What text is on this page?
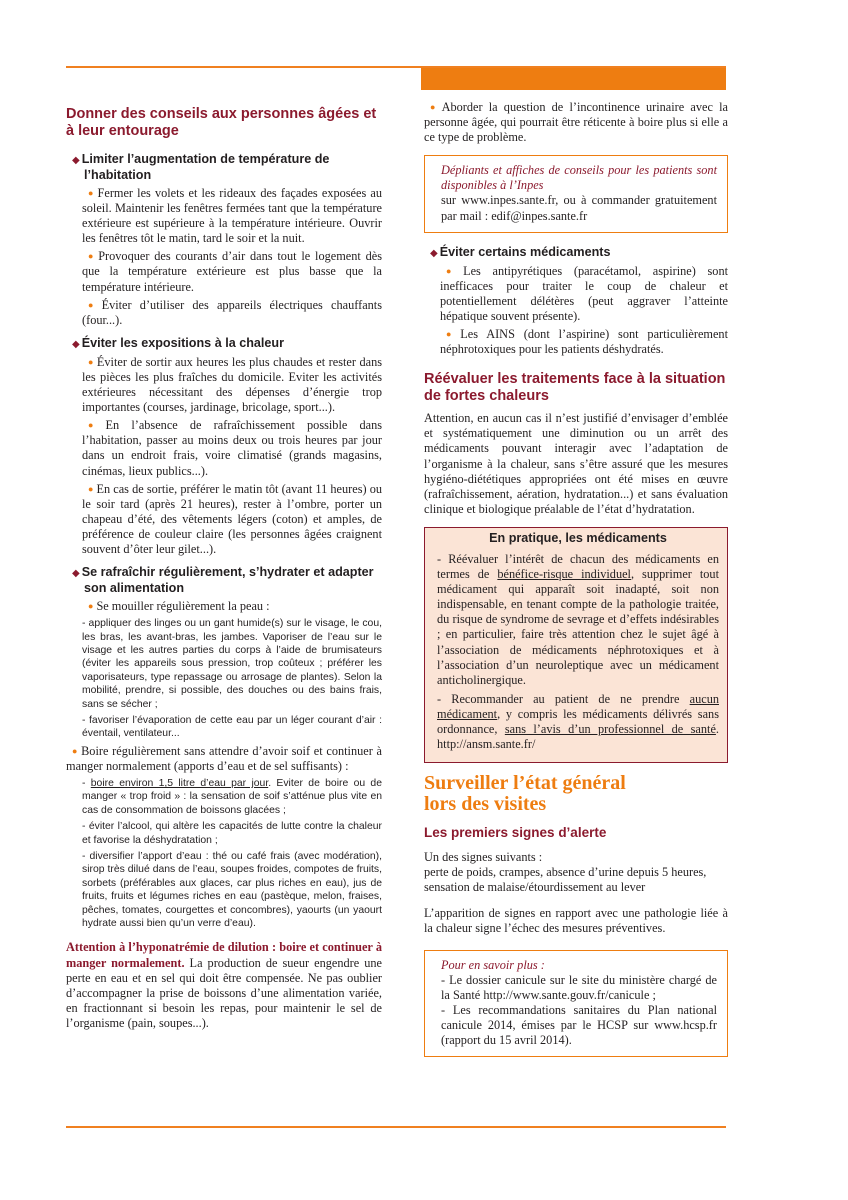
Donner des conseils aux personnes âgées et à leur entourage
◆ Limiter l’augmentation de température de l’habitation

● Fermer les volets et les rideaux des façades exposées au soleil. Maintenir les fenêtres fermées tant que la température extérieure est supérieure à la température intérieure. Ouvrir les fenêtres tôt le matin, tard le soir et la nuit.

● Provoquer des courants d’air dans tout le logement dès que la température extérieure est plus basse que la température intérieure.

● Éviter d’utiliser des appareils électriques chauffants (four...).

◆ Éviter les expositions à la chaleur

● Éviter de sortir aux heures les plus chaudes et rester dans les pièces les plus fraîches du domicile. Eviter les activités extérieures nécessitant des dépenses d’énergie trop importantes (courses, jardinage, bricolage, sport...).

● En l’absence de rafraîchissement possible dans l’habitation, passer au moins deux ou trois heures par jour dans un endroit frais, voire climatisé (grands magasins, cinémas, lieux publics...).

● En cas de sortie, préférer le matin tôt (avant 11 heures) ou le soir tard (après 21 heures), rester à l’ombre, porter un chapeau d’été, des vêtements légers (coton) et amples, de préférence de couleur claire (les personnes âgées craignent souvent d’ôter leur gilet...).

◆ Se rafraîchir régulièrement, s’hydrater et adapter son alimentation

● Se mouiller régulièrement la peau :

- appliquer des linges ou un gant humide(s) sur le visage, le cou, les bras, les avant-bras, les jambes. Vaporiser de l’eau sur le visage et les autres parties du corps à l’aide de brumisateurs (éviter les appareils sous pression, trop coûteux ; préférer les vaporisateurs, type repassage ou arrosage de plantes). Selon la mobilité, prendre, si possible, des douches ou des bains frais, sans se sécher ;

- favoriser l’évaporation de cette eau par un léger courant d’air : éventail, ventilateur...

● Boire régulièrement sans attendre d’avoir soif et continuer à manger normalement (apports d’eau et de sel suffisants) :

- boire environ 1,5 litre d’eau par jour. Eviter de boire ou de manger « trop froid » : la sensation de soif s’atténue plus vite en cas de consommation de boissons glacées ;

- éviter l’alcool, qui altère les capacités de lutte contre la chaleur et favorise la déshydratation ;

- diversifier l’apport d’eau : thé ou café frais (avec modération), sirop très dilué dans de l’eau, soupes froides, compotes de fruits, sorbets (préférables aux glaces, car plus riches en eau), jus de fruits, fruits et légumes riches en eau (pastèque, melon, fraises, pêches, tomates, courgettes et concombres), yaourts (un yaourt hydrate aussi bien qu’un verre d’eau).

Attention à l’hyponatrémie de dilution : boire et continuer à manger normalement. La production de sueur engendre une perte en eau et en sel qui doit être compensée. Ne pas oublier d’accompagner la prise de boissons d’une alimentation variée, en fractionnant si besoin les repas, pour maintenir le sel de l’organisme (pain, soupes...).

● Aborder la question de l’incontinence urinaire avec la personne âgée, qui pourrait être réticente à boire plus si elle a ce type de problème.

Dépliants et affiches de conseils pour les patients sont disponibles à l’Inpes
sur www.inpes.sante.fr, ou à commander gratuitement par mail : edif@inpes.sante.fr
◆ Éviter certains médicaments

● Les antipyrétiques (paracétamol, aspirine) sont inefficaces pour traiter le coup de chaleur et potentiellement délétères (peut aggraver l’atteinte hépatique souvent présente).

● Les AINS (dont l’aspirine) sont particulièrement néphrotoxiques pour les patients déshydratés.

Réévaluer les traitements face à la situation de fortes chaleurs

Attention, en aucun cas il n’est justifié d’envisager d’emblée et systématiquement une diminution ou un arrêt des médicaments pouvant interagir avec l’adaptation de l’organisme à la chaleur, sans s’être assuré que les mesures hygiéno-diététiques appropriées ont été mises en œuvre (rafraîchissement, aération, hydratation...) et sans évaluation clinique et biologique préalable de l’état d’hydratation.

En pratique, les médicaments

- Réévaluer l’intérêt de chacun des médicaments en termes de bénéfice-risque individuel, supprimer tout médicament qui apparaît soit inadapté, soit non indispensable, en tenant compte de la pathologie traitée, du risque de syndrome de sevrage et d’effets indésirables ; en particulier, faire très attention chez le sujet âgé à l’association de médicaments néphrotoxiques et à l’association d’un neuroleptique avec un médicament anticholinergique.

- Recommander au patient de ne prendre aucun médicament, y compris les médicaments délivrés sans ordonnance, sans l’avis d’un professionnel de santé. http://ansm.sante.fr/

Surveiller l’état général
lors des visites
Les premiers signes d’alerte
Un des signes suivants :
perte de poids, crampes, absence d’urine depuis 5 heures,
sensation de malaise/étourdissement au lever

L’apparition de signes en rapport avec une pathologie liée à la chaleur signe l’échec des mesures préventives.

Pour en savoir plus :
- Le dossier canicule sur le site du ministère chargé de la Santé http://www.sante.gouv.fr/canicule ;
- Les recommandations sanitaires du Plan national canicule 2014, émises par le HCSP sur www.hcsp.fr (rapport du 15 avril 2014).
